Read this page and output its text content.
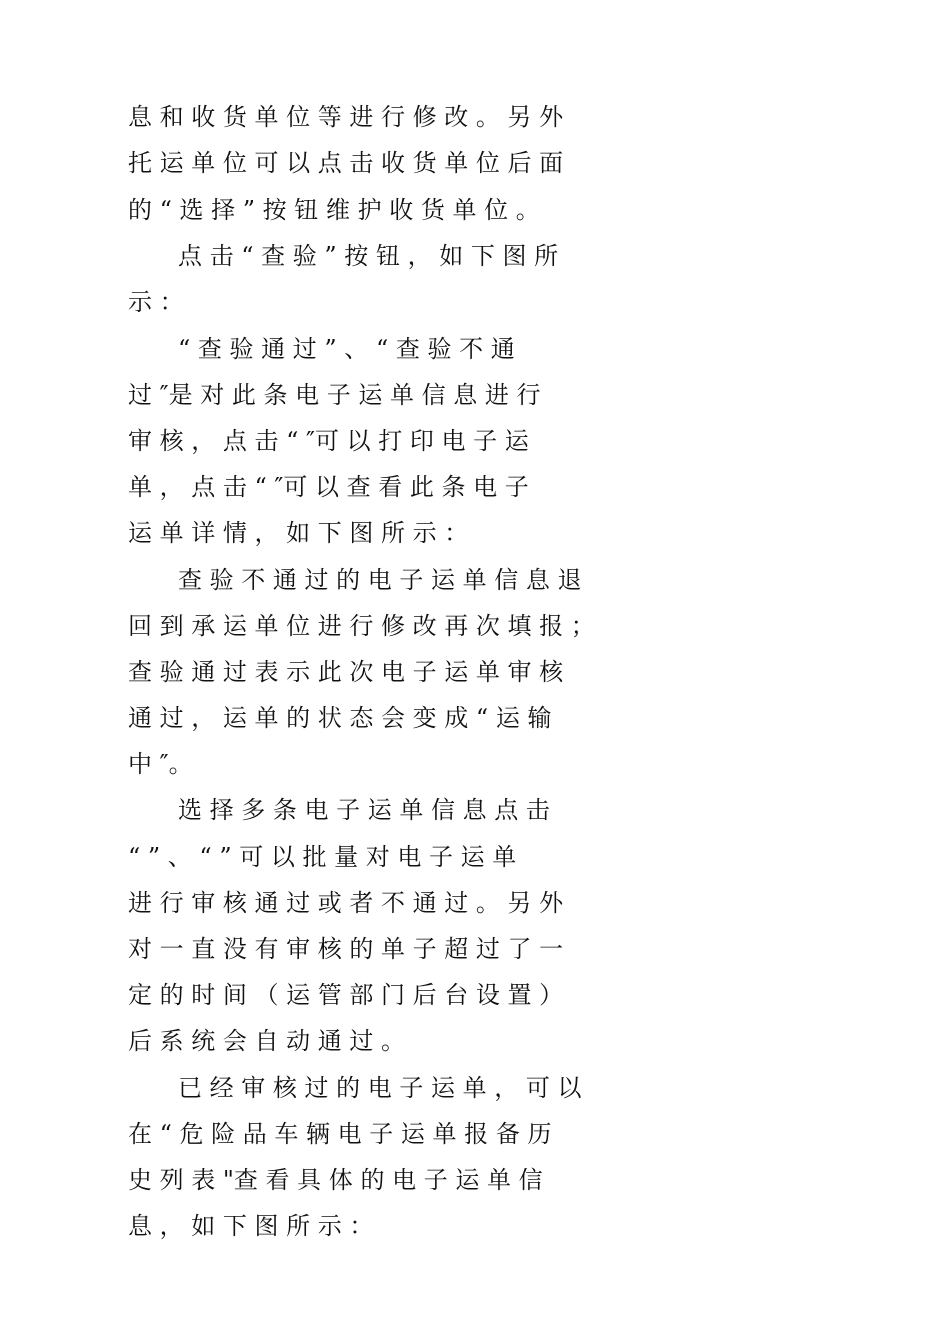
息 和 收 货 单 位 等 进 行 修 改 。 另 外
托 运 单 位 可 以 点 击 收 货 单 位 后 面
的 “ 选 择 ” 按 钮 维 护 收 货 单 位 。
点 击 “ 查 验 ” 按 钮 ， 如 下 图 所
示 ：
“ 查 验 通 过 ” 、 “ 查 验 不 通
过 ″是 对 此 条 电 子 运 单 信 息 进 行
审 核 ， 点 击 “ ″可 以 打 印 电 子 运
单 ， 点 击 “ ″可 以 查 看 此 条 电 子
运 单 详 情 ， 如 下 图 所 示 ：
查 验 不 通 过 的 电 子 运 单 信 息 退
回 到 承 运 单 位 进 行 修 改 再 次 填 报 ；
查 验 通 过 表 示 此 次 电 子 运 单 审 核
通 过 ， 运 单 的 状 态 会 变 成 “ 运 输
中 ″。
选 择 多 条 电 子 运 单 信 息 点 击
“ ” 、 “ ” 可 以 批 量 对 电 子 运 单
进 行 审 核 通 过 或 者 不 通 过 。 另 外
对 一 直 没 有 审 核 的 单 子 超 过 了 一
定 的 时 间 （ 运 管 部 门 后 台 设 置 ）
后 系 统 会 自 动 通 过 。
已 经 审 核 过 的 电 子 运 单 ， 可 以
在 “ 危 险 品 车 辆 电 子 运 单 报 备 历
史 列 表 "查 看 具 体 的 电 子 运 单 信
息 ， 如 下 图 所 示 ：
